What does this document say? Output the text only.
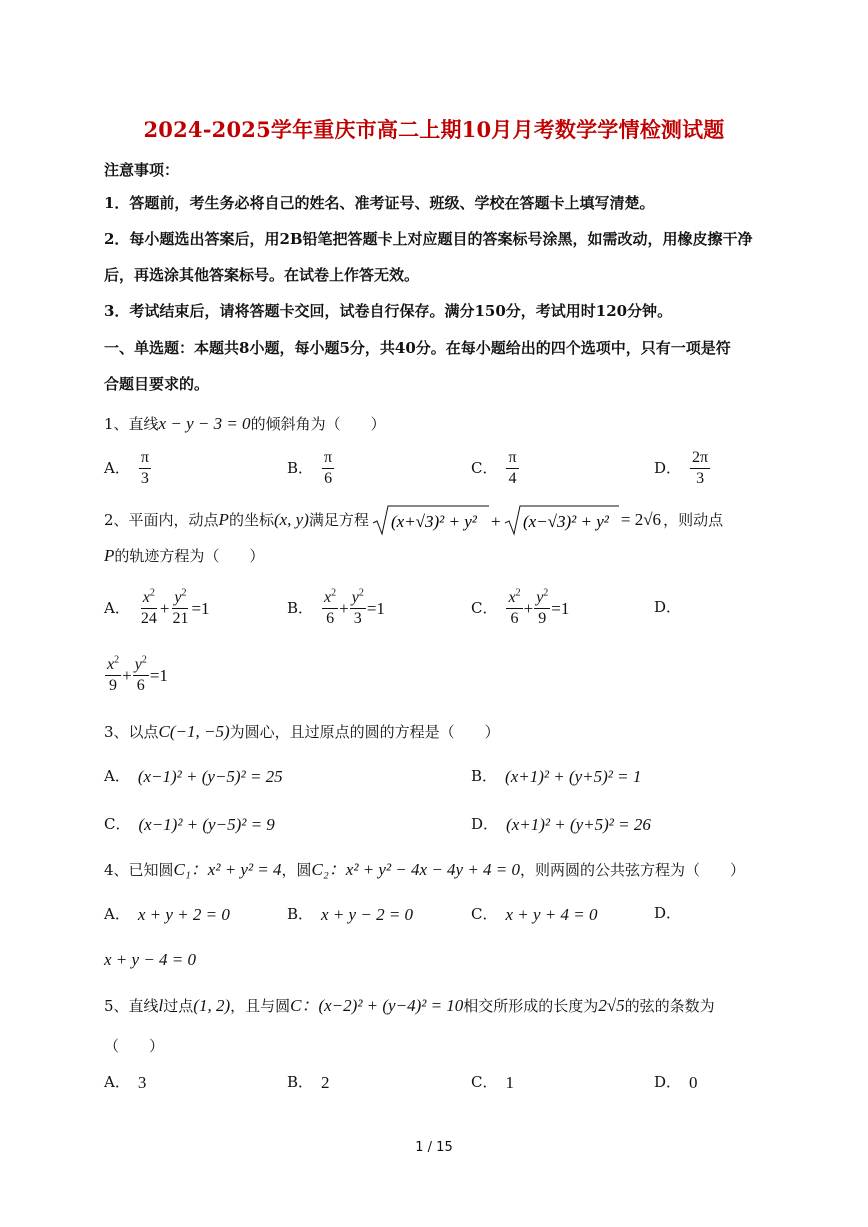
2024-2025学年重庆市高二上期10月月考数学学情检测试题
注意事项：
1．答题前，考生务必将自己的姓名、准考证号、班级、学校在答题卡上填写清楚。
2．每小题选出答案后，用2B铅笔把答题卡上对应题目的答案标号涂黑，如需改动，用橡皮擦干净
后，再选涂其他答案标号。在试卷上作答无效。
3．考试结束后，请将答题卡交回，试卷自行保存。满分150分，考试用时120分钟。
一、单选题：本题共8小题，每小题5分，共40分。在每小题给出的四个选项中，只有一项是符
合题目要求的。
1、直线x − y − 3 = 0的倾斜角为（　　）
A． $\frac{\pi}{3}$	B． $\frac{\pi}{6}$	C． $\frac{\pi}{4}$	D． $\frac{2\pi}{3}$
2、平面内，动点 P 的坐标 (x, y) 满足方程 (x+√3)² + y² + (x−√3)² + y² = 2√6 ，则动点
P的轨迹方程为（　　）
A． $\frac{x^2}{24} + \frac{y^2}{21} =1$	B． $\frac{x^2}{6} + \frac{y^2}{3} =1$	C． $\frac{x^2}{6} + \frac{y^2}{9} =1$	D．
$\frac{x^2}{9} + \frac{y^2}{6} =1$
3、以点C(−1, −5)为圆心，且过原点的圆的方程是（　　）
A． (x−1)² + (y−5)² = 25	B． (x+1)² + (y+5)² = 1
C． (x−1)² + (y−5)² = 9	D． (x+1)² + (y+5)² = 26
4、已知圆C₁：x² + y² = 4，圆C₂：x² + y² − 4x − 4y + 4 = 0，则两圆的公共弦方程为（　　）
A． x + y + 2 = 0	B． x + y − 2 = 0	C． x + y + 4 = 0	D．
x + y − 4 = 0
5、直线l过点(1, 2)，且与圆C：(x−2)² + (y−4)² = 10相交所形成的长度为2√5的弦的条数为
（　　）
A． 3	B． 2	C． 1	D． 0
1 / 15
